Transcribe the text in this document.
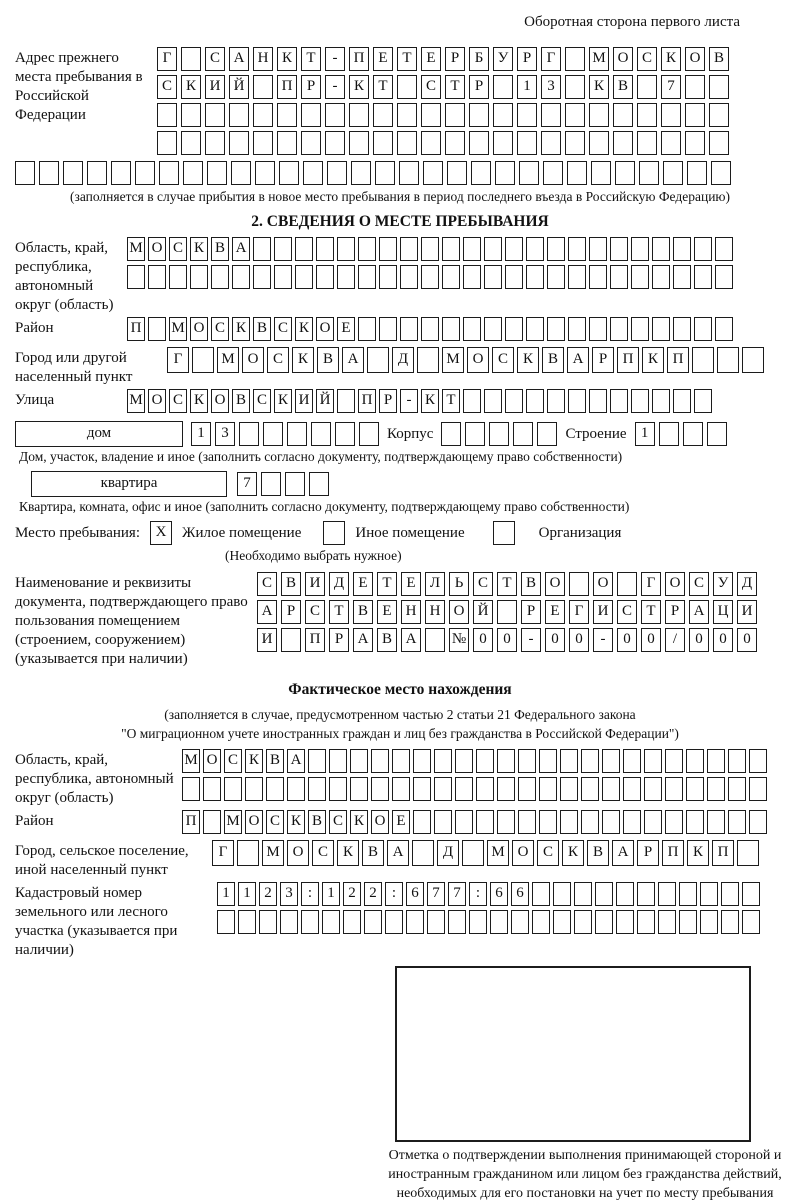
Оборотная сторона первого листа
Адрес прежнего места пребывания в Российской Федерации
Г	С А Н К Т	-	П Е Т Е	Р	Б У Р	Г	М О С К О В
С К И Й	П Р	-	К Т	С Т	Р	1	3	К В	7
(заполняется в случае прибытия в новое место пребывания в период последнего въезда в Российскую Федерацию)
2. СВЕДЕНИЯ О МЕСТЕ ПРЕБЫВАНИЯ
Область, край, республика, автономный округ (область)
М О С К В А
Район	П М О С К В С К О Е
Город или другой населенный пункт
Г	М О С К В А	Д	М О С К В А	Р	П К П
Улица	М О С К О В С К И Й П Р - К Т
дом	1	3	Корпус	Строение 1
Дом, участок, владение и иное (заполнить согласно документу, подтверждающему право собственности)
квартира	7
Квартира, комната, офис и иное (заполнить согласно документу, подтверждающему право собственности)
Место пребывания:	X	Жилое помещение	Иное помещение	Организация
(Необходимо выбрать нужное)
Наименование и реквизиты документа, подтверждающего право пользования помещением (строением, сооружением) (указывается при наличии)
С В И Д Е Т Е Л Ь С Т В О	О	Г О С У Д
А Р С Т В Е Н Н О Й	Р	Е	Г И С Т	Р А Ц И
И	П Р А В А	№ 0	0	-	0	0	-	0	0	/	0	0	0
Фактическое место нахождения
(заполняется в случае, предусмотренном частью 2 статьи 21 Федерального закона
"О миграционном учете иностранных граждан и лиц без гражданства в Российской Федерации")
Область, край, республика, автономный округ (область)
М О С К В А
Район	П М О С К В С К О Е
Город, сельское поселение, иной населенный пункт
Г	М О С К В А	Д	М О С К В А	Р	П К П
Кадастровый номер земельного или лесного участка (указывается при наличии)
1 1 2 3	:	1 2 2	:	6 7 7	:	6 6
Отметка о подтверждении выполнения принимающей стороной и иностранным гражданином или лицом без гражданства действий, необходимых для его постановки на учет по месту пребывания
